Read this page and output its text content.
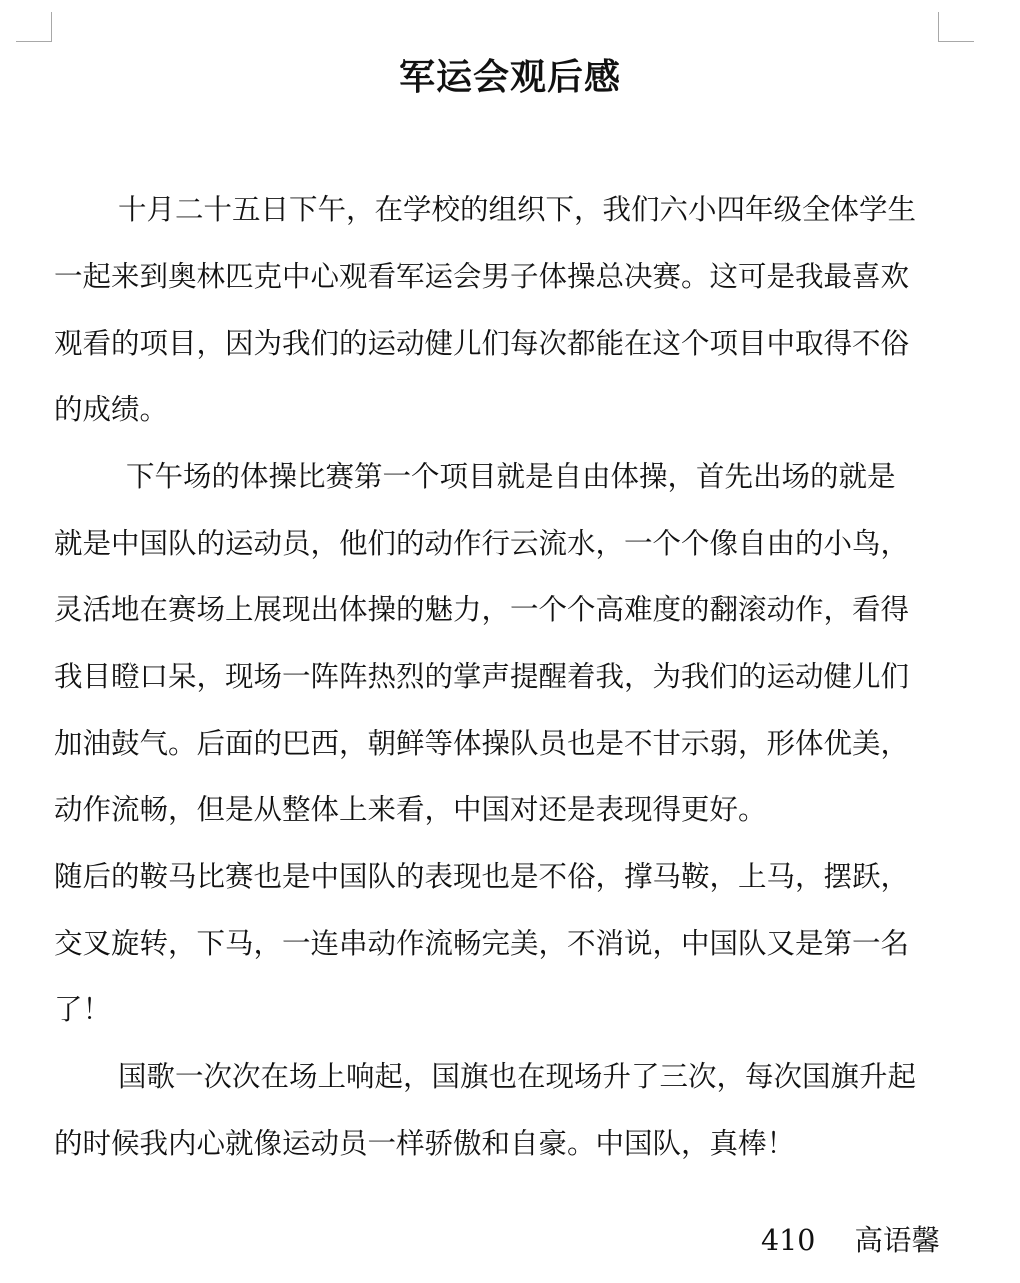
军运会观后感
十月二十五日下午，在学校的组织下，我们六小四年级全体学生
一起来到奥林匹克中心观看军运会男子体操总决赛。这可是我最喜欢
观看的项目，因为我们的运动健儿们每次都能在这个项目中取得不俗
的成绩。
下午场的体操比赛第一个项目就是自由体操，首先出场的就是
就是中国队的运动员，他们的动作行云流水，一个个像自由的小鸟，
灵活地在赛场上展现出体操的魅力，一个个高难度的翻滚动作，看得
我目瞪口呆，现场一阵阵热烈的掌声提醒着我，为我们的运动健儿们
加油鼓气。后面的巴西，朝鲜等体操队员也是不甘示弱，形体优美，
动作流畅，但是从整体上来看，中国对还是表现得更好。
随后的鞍马比赛也是中国队的表现也是不俗，撑马鞍，上马，摆跃，
交叉旋转，下马，一连串动作流畅完美，不消说，中国队又是第一名
了！
国歌一次次在场上响起，国旗也在现场升了三次，每次国旗升起
的时候我内心就像运动员一样骄傲和自豪。中国队，真棒！
410 高语馨
